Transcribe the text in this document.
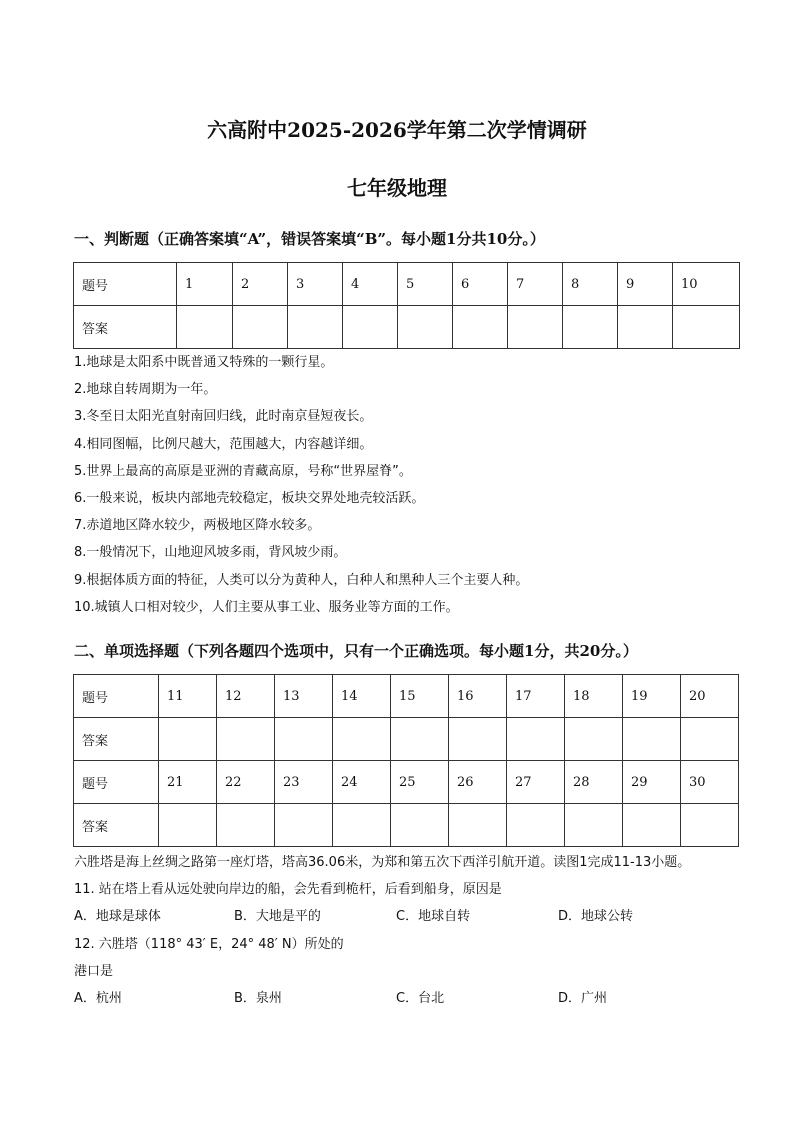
六高附中2025-2026学年第二次学情调研
七年级地理
一、判断题（正确答案填“A”，错误答案填“B”。每小题1分共10分。）
题号	1	2	3	4	5	6	7	8	9	10
答案										
1.地球是太阳系中既普通又特殊的一颗行星。
2.地球自转周期为一年。
3.冬至日太阳光直射南回归线，此时南京昼短夜长。
4.相同图幅，比例尺越大，范围越大，内容越详细。
5.世界上最高的高原是亚洲的青藏高原，号称“世界屋脊”。
6.一般来说，板块内部地壳较稳定，板块交界处地壳较活跃。
7.赤道地区降水较少，两极地区降水较多。
8.一般情况下，山地迎风坡多雨，背风坡少雨。
9.根据体质方面的特征，人类可以分为黄种人，白种人和黑种人三个主要人种。
10.城镇人口相对较少，人们主要从事工业、服务业等方面的工作。
二、单项选择题（下列各题四个选项中，只有一个正确选项。每小题1分，共20分。）
题号	11	12	13	14	15	16	17	18	19	20
答案										
题号	21	22	23	24	25	26	27	28	29	30
答案										
六胜塔是海上丝绸之路第一座灯塔，塔高36.06米，为郑和第五次下西洋引航开道。读图1完成11-13小题。
11. 站在塔上看从远处驶向岸边的船，会先看到桅杆，后看到船身，原因是
A．地球是球体	B．大地是平的	C．地球自转	D．地球公转
12. 六胜塔（118° 43′ E，24° 48′ N）所处的
港口是
A．杭州	B．泉州	C．台北	D．广州
